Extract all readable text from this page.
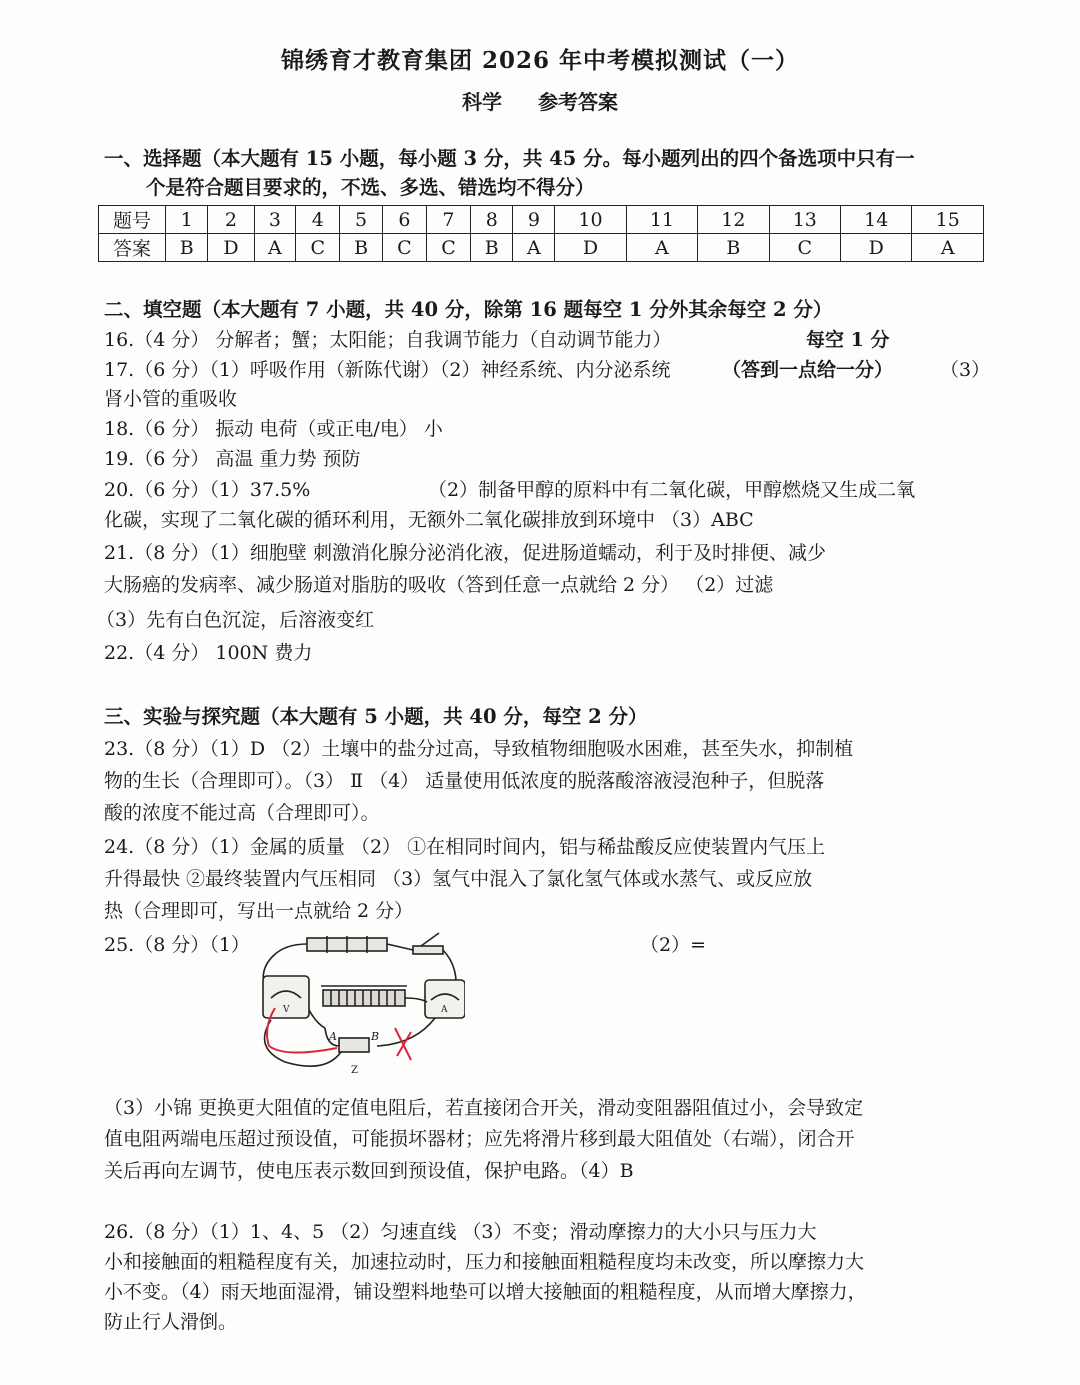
锦绣育才教育集团 2026 年中考模拟测试（一）
科学 参考答案
一、选择题（本大题有 15 小题，每小题 3 分，共 45 分。每小题列出的四个备选项中只有一
个是符合题目要求的，不选、多选、错选均不得分）
题号	1	2	3	4	5	6	7	8	9	10	11	12	13	14	15
答案	B	D	A	C	B	C	C	B	A	D	A	B	C	D	A
二、填空题（本大题有 7 小题，共 40 分，除第 16 题每空 1 分外其余每空 2 分）
16.（4 分） 分解者；蟹；太阳能；自我调节能力（自动调节能力）	每空 1 分
17.（6 分）（1）呼吸作用（新陈代谢）（2）神经系统、内分泌系统	（答到一点给一分） （3）
肾小管的重吸收
18.（6 分） 振动 电荷（或正电/电） 小
19.（6 分） 高温 重力势 预防
20.（6 分）（1）37.5%	（2）制备甲醇的原料中有二氧化碳，甲醇燃烧又生成二氧
化碳，实现了二氧化碳的循环利用，无额外二氧化碳排放到环境中 （3）ABC
21.（8 分）（1）细胞壁 刺激消化腺分泌消化液，促进肠道蠕动，利于及时排便、减少
大肠癌的发病率、减少肠道对脂肪的吸收（答到任意一点就给 2 分） （2）过滤
（3）先有白色沉淀，后溶液变红
22.（4 分） 100N 费力
三、实验与探究题（本大题有 5 小题，共 40 分，每空 2 分）
23.（8 分）（1）D （2）土壤中的盐分过高，导致植物细胞吸水困难，甚至失水，抑制植
物的生长（合理即可）。（3） Ⅱ （4） 适量使用低浓度的脱落酸溶液浸泡种子，但脱落
酸的浓度不能过高（合理即可）。
24.（8 分）（1）金属的质量 （2） ①在相同时间内，铝与稀盐酸反应使装置内气压上
升得最快 ②最终装置内气压相同 （3）氢气中混入了氯化氢气体或水蒸气、或反应放
热（合理即可，写出一点就给 2 分）
25.（8 分）（1）	（2）=
A	B
Z
V	A
（3）小锦 更换更大阻值的定值电阻后，若直接闭合开关，滑动变阻器阻值过小，会导致定
值电阻两端电压超过预设值，可能损坏器材；应先将滑片移到最大阻值处（右端），闭合开
关后再向左调节，使电压表示数回到预设值，保护电路。（4）B
26.（8 分）（1）1、4、5 （2）匀速直线 （3）不变；滑动摩擦力的大小只与压力大
小和接触面的粗糙程度有关，加速拉动时，压力和接触面粗糙程度均未改变，所以摩擦力大
小不变。（4）雨天地面湿滑，铺设塑料地垫可以增大接触面的粗糙程度，从而增大摩擦力，
防止行人滑倒。
